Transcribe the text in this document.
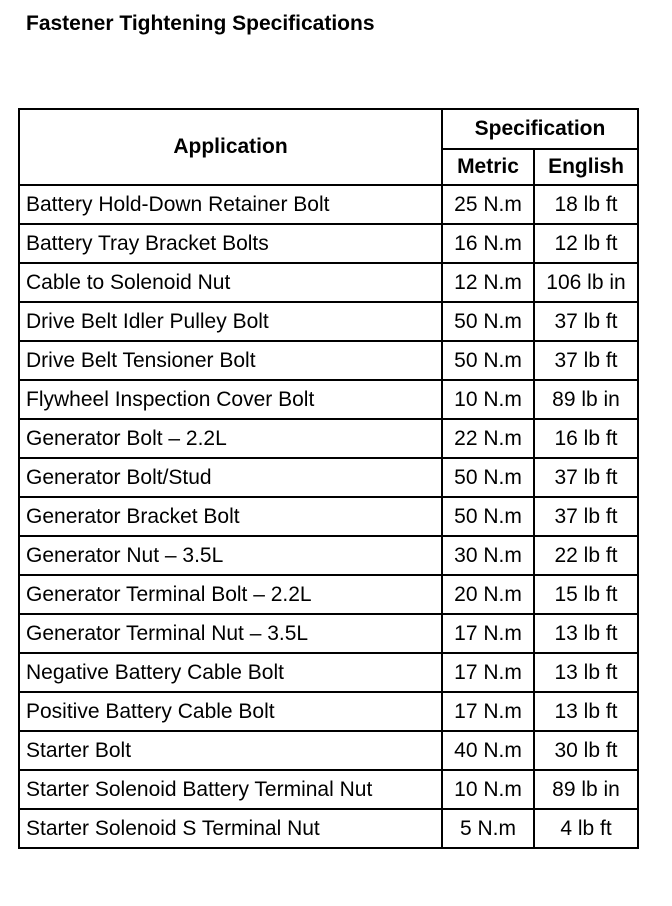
Fastener Tightening Specifications
Application	Specification	
	Metric	English
Battery Hold-Down Retainer Bolt	25 N.m	18 lb ft
Battery Tray Bracket Bolts	16 N.m	12 lb ft
Cable to Solenoid Nut	12 N.m	106 lb in
Drive Belt Idler Pulley Bolt	50 N.m	37 lb ft
Drive Belt Tensioner Bolt	50 N.m	37 lb ft
Flywheel Inspection Cover Bolt	10 N.m	89 lb in
Generator Bolt – 2.2L	22 N.m	16 lb ft
Generator Bolt/Stud	50 N.m	37 lb ft
Generator Bracket Bolt	50 N.m	37 lb ft
Generator Nut – 3.5L	30 N.m	22 lb ft
Generator Terminal Bolt – 2.2L	20 N.m	15 lb ft
Generator Terminal Nut – 3.5L	17 N.m	13 lb ft
Negative Battery Cable Bolt	17 N.m	13 lb ft
Positive Battery Cable Bolt	17 N.m	13 lb ft
Starter Bolt	40 N.m	30 lb ft
Starter Solenoid Battery Terminal Nut	10 N.m	89 lb in
Starter Solenoid S Terminal Nut	5 N.m	4 lb ft
